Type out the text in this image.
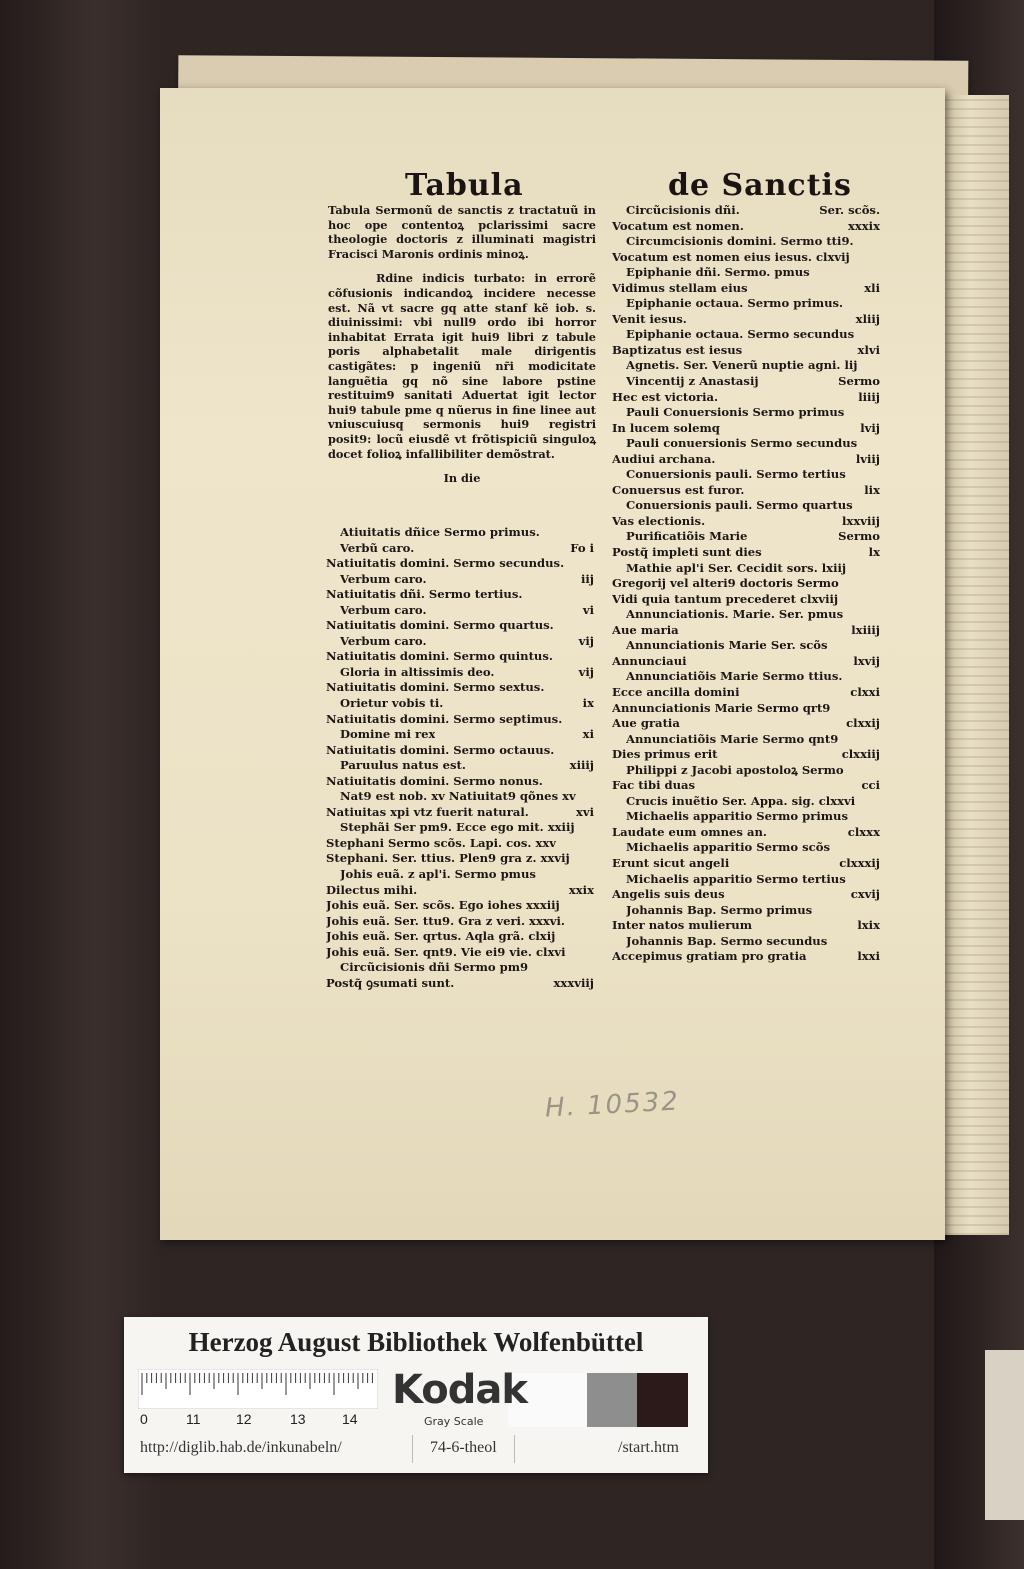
Tabula	de Sanctis

Tabula Sermonũ de sanctis z tractatuũ in hoc ope contentoꝝ pclarissimi sacre theologie doctoris z illuminati magistri Fracisci Maronis ordinis minoꝝ.

Rdine indicis turbato: in errorẽ cõfusionis indicandoꝝ incidere necesse est. Nã vt sacre gq atte stanf kẽ iob. s. diuinissimi: vbi null9 ordo ibi horror inhabitat Errata igit hui9 libri z tabule poris alphabetalit male dirigentis castigãtes: p ingeniũ nr̃i modicitate languẽtia gq nõ sine labore pstine restituim9 sanitati Aduertat igit lector hui9 tabule pme q nũerus in fine linee aut vniuscuiusq sermonis hui9 registri posit9: locũ eiusdẽ vt frõtispiciũ singuloꝝ docet folioꝝ infallibiliter demõstrat.

In die

Atiuitatis dñice Sermo primus.
Verbũ caro.	Fo i
Natiuitatis domini. Sermo secundus.
Verbum caro.	iij
Natiuitatis dñi. Sermo tertius.
Verbum caro.	vi
Natiuitatis domini. Sermo quartus.
Verbum caro.	vij
Natiuitatis domini. Sermo quintus.
Gloria in altissimis deo.	vij
Natiuitatis domini. Sermo sextus.
Orietur vobis ti.	ix
Natiuitatis domini. Sermo septimus.
Domine mi rex	xi
Natiuitatis domini. Sermo octauus.
Paruulus natus est.	xiiij
Natiuitatis domini. Sermo nonus.
Nat9 est nob. xv Natiuitat9 qõnes xv
Natiuitas xpi vtz fuerit natural.	xvi
Stephãi Ser pm9. Ecce ego mit. xxiij
Stephani Sermo scõs. Lapi. cos. xxv
Stephani. Ser. ttius. Plen9 gra z. xxvij
Johis euã. z apl'i. Sermo pmus
Dilectus mihi.	xxix
Johis euã. Ser. scõs. Ego iohes xxxiij
Johis euã. Ser. ttu9. Gra z veri. xxxvi.
Johis euã. Ser. qrtus. Aqla grã. clxij
Johis euã. Ser. qnt9. Vie ei9 vie. clxvi
Circũcisionis dñi Sermo pm9
Postq̃ ꝯsumati sunt.	xxxviij
Circũcisionis dñi.	Ser. scõs.
Vocatum est nomen.	xxxix
Circumcisionis domini. Sermo tti9.
Vocatum est nomen eius iesus. clxvij
Epiphanie dñi. Sermo. pmus
Vidimus stellam eius	xli
Epiphanie octaua. Sermo primus.
Venit iesus.	xliij
Epiphanie octaua. Sermo secundus
Baptizatus est iesus	xlvi
Agnetis. Ser. Venerũ nuptie agni. lij
Vincentij z Anastasij	Sermo
Hec est victoria.	liiij
Pauli Conuersionis Sermo primus
In lucem solemq	lvij
Pauli conuersionis Sermo secundus
Audiui archana.	lviij
Conuersionis pauli. Sermo tertius
Conuersus est furor.	lix
Conuersionis pauli. Sermo quartus
Vas electionis.	lxxviij
Purificatiõis Marie	Sermo
Postq̃ impleti sunt dies	lx
Mathie apl'i Ser. Cecidit sors. lxiij
Gregorij vel alteri9 doctoris Sermo
Vidi quia tantum precederet clxviij
Annunciationis. Marie. Ser. pmus
Aue maria	lxiiij
Annunciationis Marie Ser. scõs
Annunciaui	lxvij
Annunciatiõis Marie Sermo ttius.
Ecce ancilla domini	clxxi
Annunciationis Marie Sermo qrt9
Aue gratia	clxxij
Annunciatiõis Marie Sermo qnt9
Dies primus erit	clxxiij
Philippi z Jacobi apostoloꝝ Sermo
Fac tibi duas	cci
Crucis inuẽtio Ser. Appa. sig. clxxvi
Michaelis apparitio Sermo primus
Laudate eum omnes an.	clxxx
Michaelis apparitio Sermo scõs
Erunt sicut angeli	clxxxij
Michaelis apparitio Sermo tertius
Angelis suis deus	cxvij
Johannis Bap. Sermo primus
Inter natos mulierum	lxix
Johannis Bap. Sermo secundus
Accepimus gratiam pro gratia	lxxi
H. 10532
Herzog August Bibliothek Wolfenbüttel
0	11	12	13	14
Kodak
Gray Scale
http://diglib.hab.de/inkunabeln/	74-6-theol	/start.htm
